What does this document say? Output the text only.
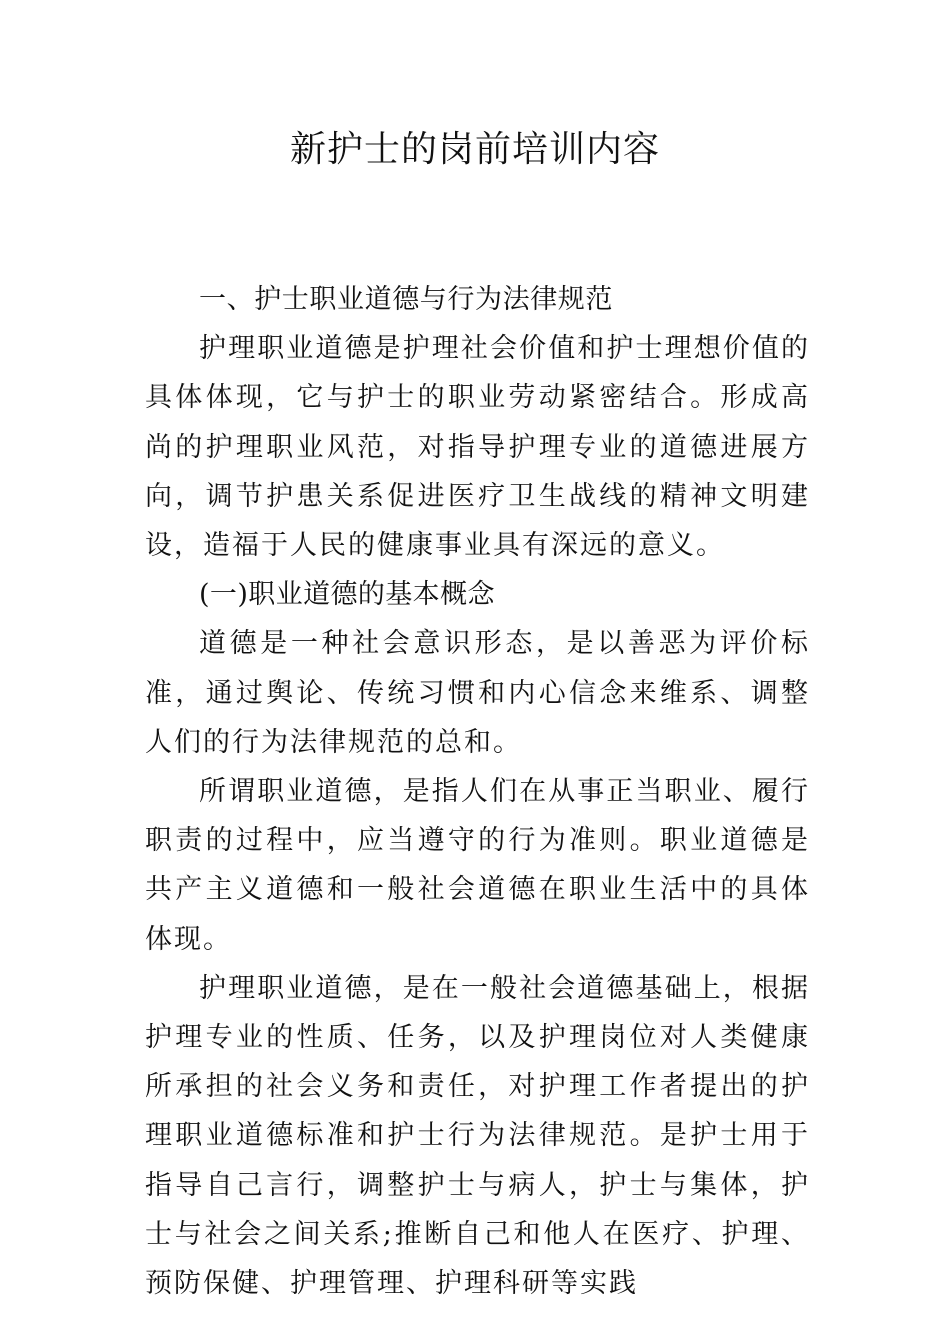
新护士的岗前培训内容

一、护士职业道德与行为法律规范

护理职业道德是护理社会价值和护士理想价值的具体体现，它与护士的职业劳动紧密结合。形成高尚的护理职业风范，对指导护理专业的道德进展方向，调节护患关系促进医疗卫生战线的精神文明建设，造福于人民的健康事业具有深远的意义。

(一)职业道德的基本概念

道德是一种社会意识形态，是以善恶为评价标准，通过舆论、传统习惯和内心信念来维系、调整人们的行为法律规范的总和。

所谓职业道德，是指人们在从事正当职业、履行职责的过程中，应当遵守的行为准则。职业道德是共产主义道德和一般社会道德在职业生活中的具体体现。

护理职业道德，是在一般社会道德基础上，根据护理专业的性质、任务，以及护理岗位对人类健康所承担的社会义务和责任，对护理工作者提出的护理职业道德标准和护士行为法律规范。是护士用于指导自己言行，调整护士与病人，护士与集体，护士与社会之间关系;推断自己和他人在医疗、护理、预防保健、护理管理、护理科研等实践
